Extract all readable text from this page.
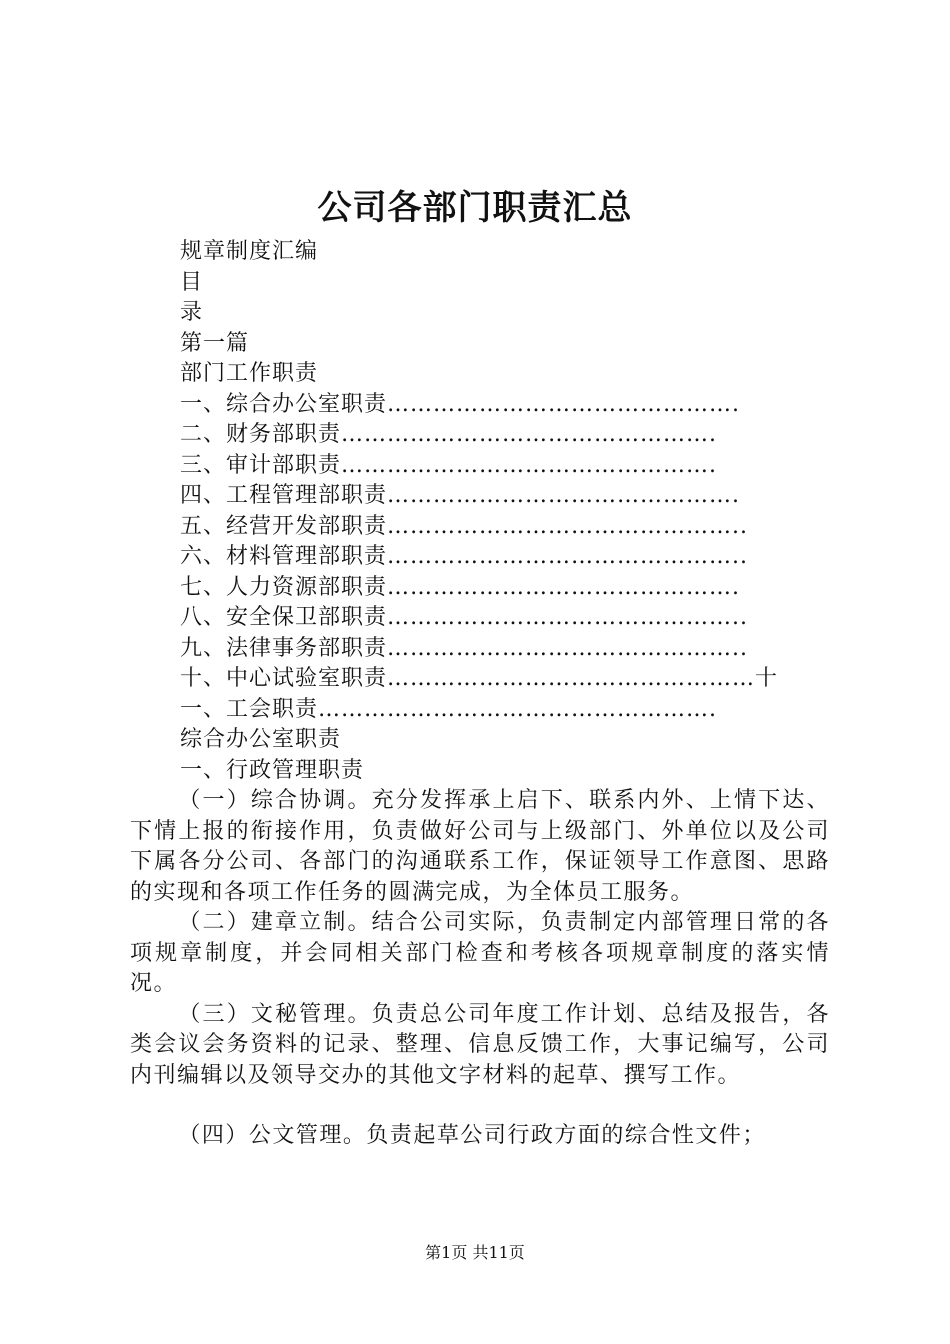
公司各部门职责汇总
规章制度汇编
目
录
第一篇
部门工作职责
一、综合办公室职责……………………………………….
二、财务部职责………………………………………….
三、审计部职责………………………………………….
四、工程管理部职责……………………………………….
五、经营开发部职责………………………………………..
六、材料管理部职责………………………………………..
七、人力资源部职责……………………………………….
八、安全保卫部职责………………………………………..
九、法律事务部职责………………………………………..
十、中心试验室职责…………………………………………十
一、工会职责…………………………………………….
综合办公室职责
一、行政管理职责

（一）综合协调。充分发挥承上启下、联系内外、上情下达、下情上报的衔接作用，负责做好公司与上级部门、外单位以及公司下属各分公司、各部门的沟通联系工作，保证领导工作意图、思路的实现和各项工作任务的圆满完成，为全体员工服务。

（二）建章立制。结合公司实际，负责制定内部管理日常的各项规章制度，并会同相关部门检查和考核各项规章制度的落实情况。

（三）文秘管理。负责总公司年度工作计划、总结及报告，各类会议会务资料的记录、整理、信息反馈工作，大事记编写，公司内刊编辑以及领导交办的其他文字材料的起草、撰写工作。

（四）公文管理。负责起草公司行政方面的综合性文件；

第1页 共11页
